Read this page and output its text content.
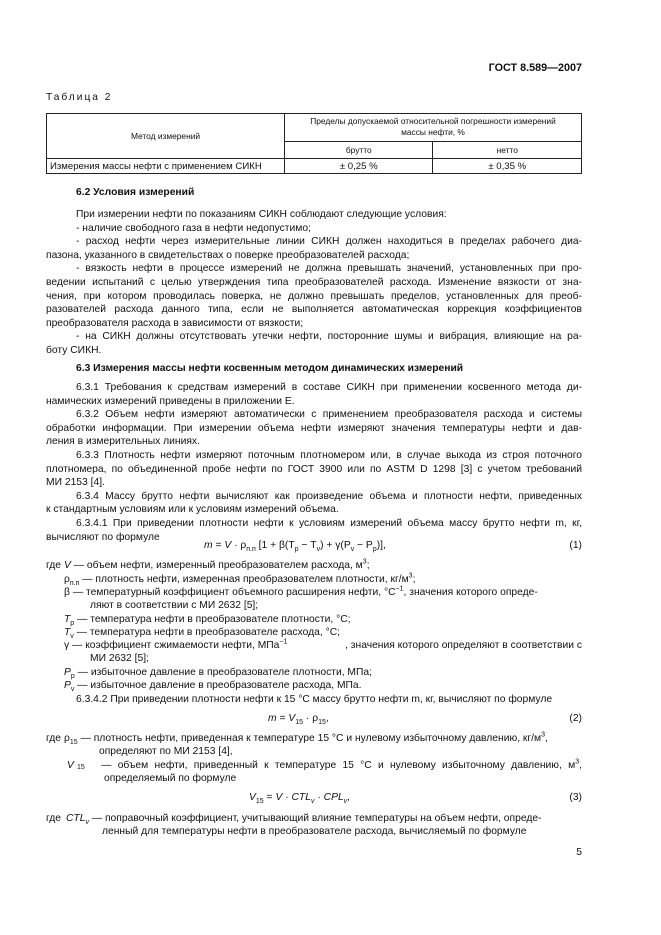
ГОСТ 8.589—2007
Таблица 2
Метод измерений	Пределы допускаемой относительной погрешности измерений
массы нефти, %	

	брутто	нетто
Измерения массы нефти с применением СИКН	± 0,25 %	± 0,35 %
6.2 Условия измерений
При измерении нефти по показаниям СИКН соблюдают следующие условия:
- наличие свободного газа в нефти недопустимо;
- расход нефти через измерительные линии СИКН должен находиться в пределах рабочего диа-
пазона, указанного в свидетельствах о поверке преобразователей расхода;
- вязкость нефти в процессе измерений не должна превышать значений, установленных при про-
ведении испытаний с целью утверждения типа преобразователей расхода. Изменение вязкости от зна-
чения, при котором проводилась поверка, не должно превышать пределов, установленных для преоб-
разователей расхода данного типа, если не выполняется автоматическая коррекция коэффициентов
преобразователя расхода в зависимости от вязкости;
- на СИКН должны отсутствовать утечки нефти, посторонние шумы и вибрация, влияющие на ра-
боту СИКН.
6.3 Измерения массы нефти косвенным методом динамических измерений
6.3.1 Требования к средствам измерений в составе СИКН при применении косвенного метода ди-
намических измерений приведены в приложении Е.
6.3.2 Объем нефти измеряют автоматически с применением преобразователя расхода и системы
обработки информации. При измерении объема нефти измеряют значения температуры нефти и дав-
ления в измерительных линиях.
6.3.3 Плотность нефти измеряют поточным плотномером или, в случае выхода из строя поточного
плотномера, по объединенной пробе нефти по ГОСТ 3900 или по ASTM D 1298 [3] с учетом требований
МИ 2153 [4].
6.3.4 Массу брутто нефти вычисляют как произведение объема и плотности нефти, приведенных
к стандартным условиям или к условиям измерений объема.
6.3.4.1 При приведении плотности нефти к условиям измерений объема массу брутто нефти m, кг,
вычисляют по формуле
$m = V \cdot \rho_{п.п}$ $[1 + \beta(T_р - T_v) + \gamma(P_v - P_р)]$,	(1)
где V — объем нефти, измеренный преобразователем расхода, $м^3$;
$\rho_{п.п}$ — плотность нефти, измеренная преобразователем плотности, $кг/м^3$;
β — температурный коэффициент объемного расширения нефти, $^\circ С^{-1}$, значения которого опреде-
ляют в соответствии с МИ 2632 [5];
$T_р$ — температура нефти в преобразователе плотности, °С;
$T_v$ — температура нефти в преобразователе расхода, °С;
γ — коэффициент сжимаемости нефти, МПа$^{-1}$	, значения которого определяют в соответствии с
МИ 2632 [5];
$P_р$ — избыточное давление в преобразователе плотности, МПа;
$P_v$ — избыточное давление в преобразователе расхода, МПа.
6.3.4.2 При приведении плотности нефти к 15 °С массу брутто нефти m, кг, вычисляют по формуле
$m = V_{15} \cdot \rho_{15}$,	(2)
где $\rho_{15}$ — плотность нефти, приведенная к температуре 15 °С и нулевому избыточному давлению, $кг/м^3$,
определяют по МИ 2153 [4],
V 15 — объем нефти, приведенный к температуре 15 °С и нулевому избыточному давлению, $м^3$,
определяемый по формуле
$V_{15} = V \cdot CTL_v \cdot CPL_v$,	(3)
где $CTL_v$ — поправочный коэффициент, учитывающий влияние температуры на объем нефти, опреде-
ленный для температуры нефти в преобразователе расхода, вычисляемый по формуле
5
